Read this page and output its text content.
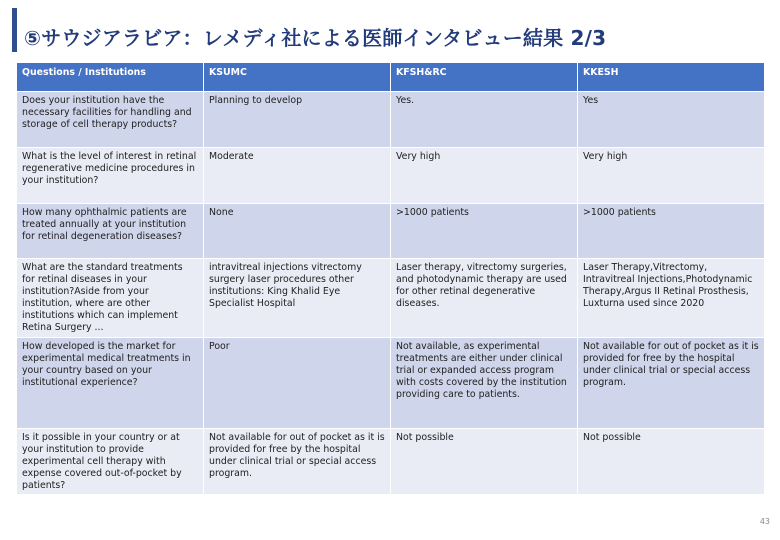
⑤サウジアラビア：レメディ社による医師インタビュー結果 2/3
Questions / Institutions	KSUMC	KFSH&RC	KKESH
Does your institution have the necessary facilities for handling and storage of cell therapy products?	Planning to develop	Yes.	Yes
What is the level of interest in retinal regenerative medicine procedures in your institution?	Moderate	Very high	Very high
How many ophthalmic patients are treated annually at your institution for retinal degeneration diseases?	None	>1000 patients	>1000 patients
What are the standard treatments for retinal diseases in your institution?Aside from your institution, where are other institutions which can implement Retina Surgery ...	intravitreal injections vitrectomy surgery laser procedures other institutions: King Khalid Eye Specialist Hospital	Laser therapy, vitrectomy surgeries, and photodynamic therapy are used for other retinal degenerative diseases.	Laser Therapy,Vitrectomy, Intravitreal Injections,Photodynamic Therapy,Argus II Retinal Prosthesis, Luxturna used since 2020
How developed is the market for experimental medical treatments in your country based on your institutional experience?	Poor	Not available, as experimental treatments are either under clinical trial or expanded access program with costs covered by the institution providing care to patients.	Not available for out of pocket as it is provided for free by the hospital under clinical trial or special access program.
Is it possible in your country or at your institution to provide experimental cell therapy with expense covered out-of-pocket by patients?	Not available for out of pocket as it is provided for free by the hospital under clinical trial or special access program.	Not possible	Not possible
43
